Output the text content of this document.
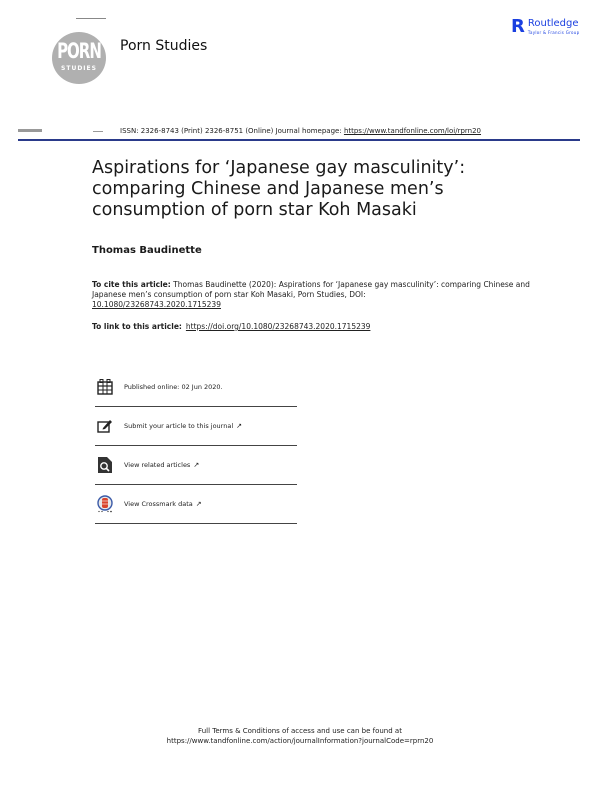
PORN
STUDIES
Porn Studies
R Routledge
Taylor & Francis Group
ISSN: 2326-8743 (Print) 2326-8751 (Online) Journal homepage: https://www.tandfonline.com/loi/rprn20
Aspirations for ‘Japanese gay masculinity’: comparing Chinese and Japanese men’s consumption of porn star Koh Masaki
Thomas Baudinette
To cite this article: Thomas Baudinette (2020): Aspirations for ‘Japanese gay masculinity’: comparing Chinese and Japanese men’s consumption of porn star Koh Masaki, Porn Studies, DOI:
10.1080/23268743.2020.1715239
To link to this article: https://doi.org/10.1080/23268743.2020.1715239
Published online: 02 Jun 2020.
Submit your article to this journal ↗
View related articles ↗
View Crossmark data ↗
Full Terms & Conditions of access and use can be found at
https://www.tandfonline.com/action/journalInformation?journalCode=rprn20
